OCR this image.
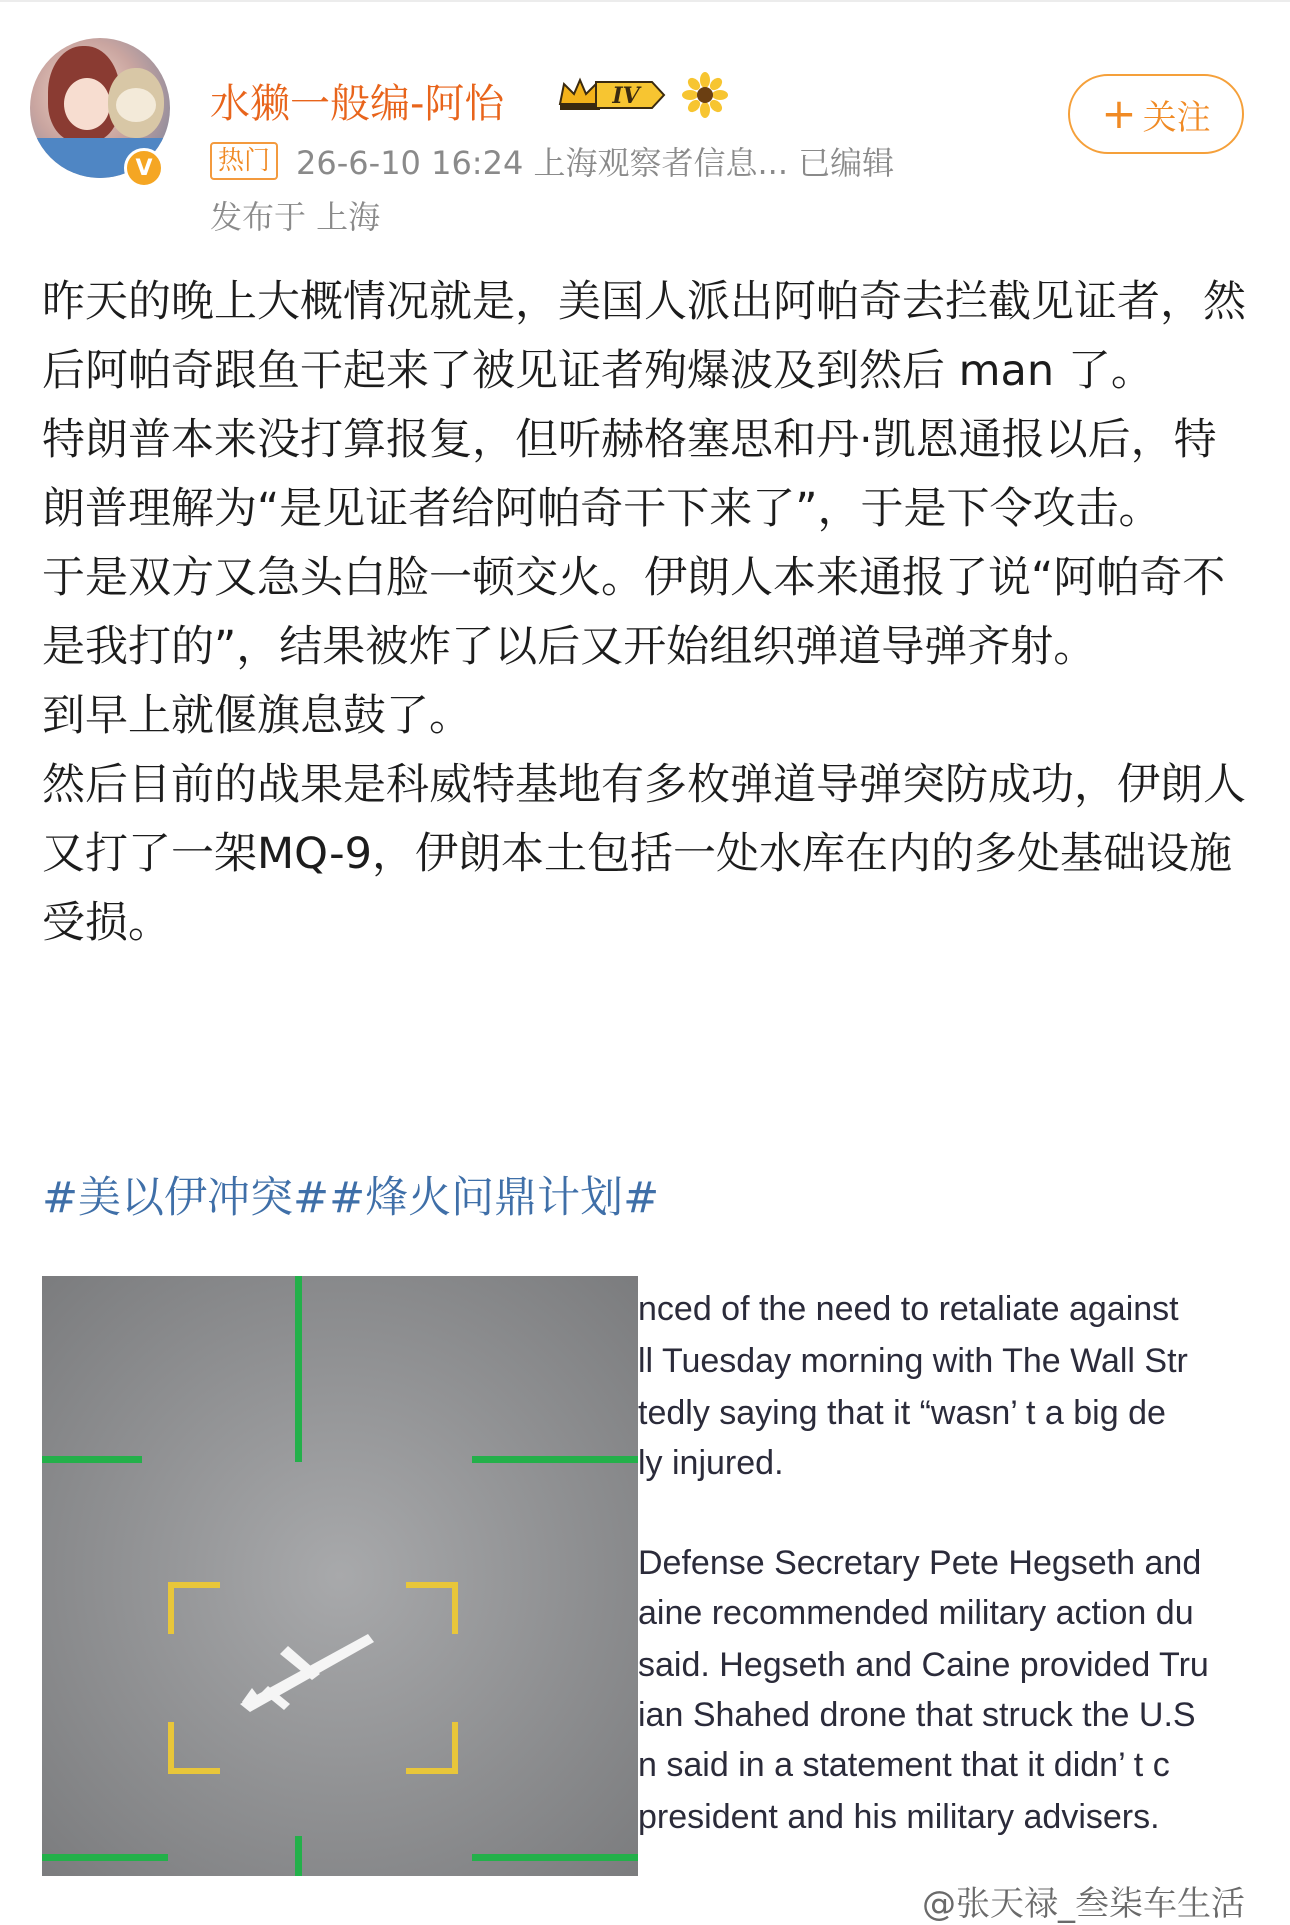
V
水獭一般编-阿怡	IV	+ 关注
热门 26-6-10 16:24 上海观察者信息... 已编辑
发布于 上海

昨天的晚上大概情况就是，美国人派出阿帕奇去拦截见证者，然后阿帕奇跟鱼干起来了被见证者殉爆波及到然后 man 了。

特朗普本来没打算报复，但听赫格塞思和丹·凯恩通报以后，特朗普理解为“是见证者给阿帕奇干下来了”，于是下令攻击。

于是双方又急头白脸一顿交火。伊朗人本来通报了说“阿帕奇不是我打的”，结果被炸了以后又开始组织弹道导弹齐射。

到早上就偃旗息鼓了。

然后目前的战果是科威特基地有多枚弹道导弹突防成功，伊朗人又打了一架MQ-9，伊朗本土包括一处水库在内的多处基础设施受损。

#美以伊冲突##烽火问鼎计划#
nced of the need to retaliate against
ll Tuesday morning with The Wall Str
tedly saying that it “wasn’ t a big de
ly injured.
Defense Secretary Pete Hegseth and
aine recommended military action du
said. Hegseth and Caine provided Tru
ian Shahed drone that struck the U.S
n said in a statement that it didn’ t c
president and his military advisers.
@张天禄_叁柒车生活
